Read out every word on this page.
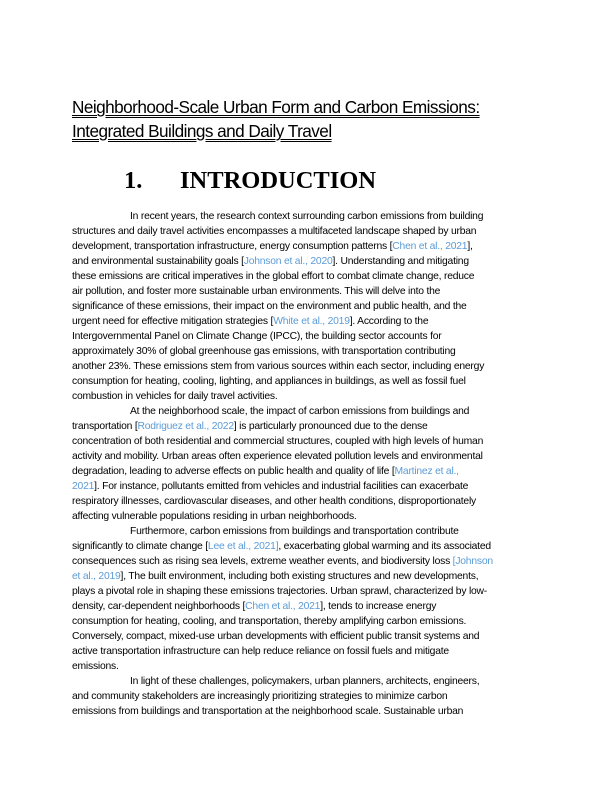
Neighborhood-Scale Urban Form and Carbon Emissions:
Integrated Buildings and Daily Travel
1. INTRODUCTION
In recent years, the research context surrounding carbon emissions from building
structures and daily travel activities encompasses a multifaceted landscape shaped by urban
development, transportation infrastructure, energy consumption patterns [Chen et al., 2021],
and environmental sustainability goals [Johnson et al., 2020]. Understanding and mitigating
these emissions are critical imperatives in the global effort to combat climate change, reduce
air pollution, and foster more sustainable urban environments. This will delve into the
significance of these emissions, their impact on the environment and public health, and the
urgent need for effective mitigation strategies [White et al., 2019]. According to the
Intergovernmental Panel on Climate Change (IPCC), the building sector accounts for
approximately 30% of global greenhouse gas emissions, with transportation contributing
another 23%. These emissions stem from various sources within each sector, including energy
consumption for heating, cooling, lighting, and appliances in buildings, as well as fossil fuel
combustion in vehicles for daily travel activities.
At the neighborhood scale, the impact of carbon emissions from buildings and
transportation [Rodriguez et al., 2022] is particularly pronounced due to the dense
concentration of both residential and commercial structures, coupled with high levels of human
activity and mobility. Urban areas often experience elevated pollution levels and environmental
degradation, leading to adverse effects on public health and quality of life [Martinez et al.,
2021]. For instance, pollutants emitted from vehicles and industrial facilities can exacerbate
respiratory illnesses, cardiovascular diseases, and other health conditions, disproportionately
affecting vulnerable populations residing in urban neighborhoods.
Furthermore, carbon emissions from buildings and transportation contribute
significantly to climate change [Lee et al., 2021], exacerbating global warming and its associated
consequences such as rising sea levels, extreme weather events, and biodiversity loss [Johnson
et al., 2019], The built environment, including both existing structures and new developments,
plays a pivotal role in shaping these emissions trajectories. Urban sprawl, characterized by low-
density, car-dependent neighborhoods [Chen et al., 2021], tends to increase energy
consumption for heating, cooling, and transportation, thereby amplifying carbon emissions.
Conversely, compact, mixed-use urban developments with efficient public transit systems and
active transportation infrastructure can help reduce reliance on fossil fuels and mitigate
emissions.
In light of these challenges, policymakers, urban planners, architects, engineers,
and community stakeholders are increasingly prioritizing strategies to minimize carbon
emissions from buildings and transportation at the neighborhood scale. Sustainable urban
